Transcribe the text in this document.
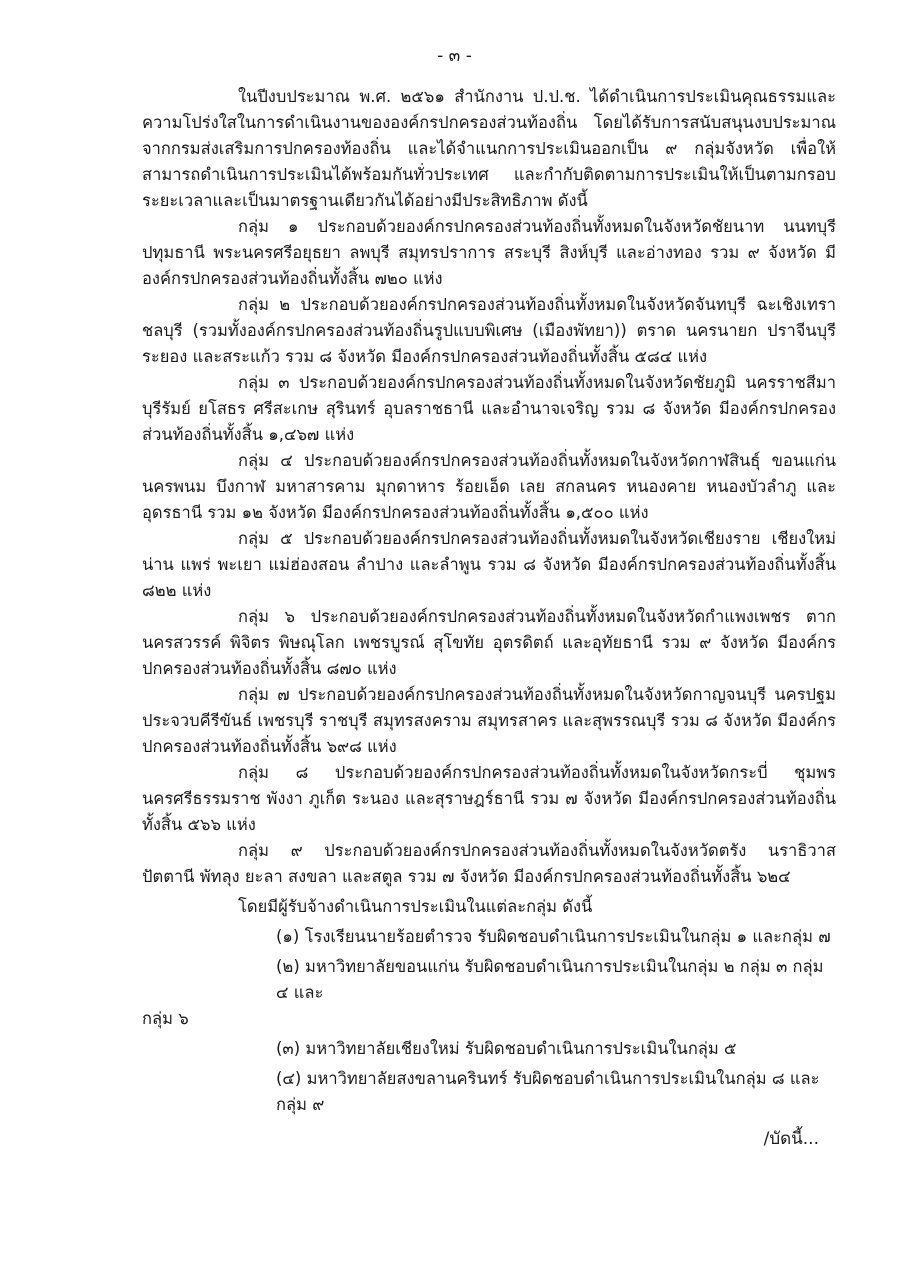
- ๓ -

ในปีงบประมาณ พ.ศ. ๒๕๖๑ สำนักงาน ป.ป.ช. ได้ดำเนินการประเมินคุณธรรมและความโปร่งใสในการดำเนินงานขององค์กรปกครองส่วนท้องถิ่น โดยได้รับการสนับสนุนงบประมาณจากกรมส่งเสริมการปกครองท้องถิ่น และได้จำแนกการประเมินออกเป็น ๙ กลุ่มจังหวัด เพื่อให้สามารถดำเนินการประเมินได้พร้อมกันทั่วประเทศ และกำกับติดตามการประเมินให้เป็นตามกรอบระยะเวลาและเป็นมาตรฐานเดียวกันได้อย่างมีประสิทธิภาพ ดังนี้

กลุ่ม ๑ ประกอบด้วยองค์กรปกครองส่วนท้องถิ่นทั้งหมดในจังหวัดชัยนาท นนทบุรี ปทุมธานี พระนครศรีอยุธยา ลพบุรี สมุทรปราการ สระบุรี สิงห์บุรี และอ่างทอง รวม ๙ จังหวัด มีองค์กรปกครองส่วนท้องถิ่นทั้งสิ้น ๗๒๐ แห่ง

กลุ่ม ๒ ประกอบด้วยองค์กรปกครองส่วนท้องถิ่นทั้งหมดในจังหวัดจันทบุรี ฉะเชิงเทรา ชลบุรี (รวมทั้งองค์กรปกครองส่วนท้องถิ่นรูปแบบพิเศษ (เมืองพัทยา)) ตราด นครนายก ปราจีนบุรี ระยอง และสระแก้ว รวม ๘ จังหวัด มีองค์กรปกครองส่วนท้องถิ่นทั้งสิ้น ๕๘๔ แห่ง

กลุ่ม ๓ ประกอบด้วยองค์กรปกครองส่วนท้องถิ่นทั้งหมดในจังหวัดชัยภูมิ นครราชสีมา บุรีรัมย์ ยโสธร ศรีสะเกษ สุรินทร์ อุบลราชธานี และอำนาจเจริญ รวม ๘ จังหวัด มีองค์กรปกครองส่วนท้องถิ่นทั้งสิ้น ๑,๔๖๗ แห่ง

กลุ่ม ๔ ประกอบด้วยองค์กรปกครองส่วนท้องถิ่นทั้งหมดในจังหวัดกาฬสินธุ์ ขอนแก่น นครพนม บึงกาฬ มหาสารคาม มุกดาหาร ร้อยเอ็ด เลย สกลนคร หนองคาย หนองบัวลำภู และอุดรธานี รวม ๑๒ จังหวัด มีองค์กรปกครองส่วนท้องถิ่นทั้งสิ้น ๑,๕๐๐ แห่ง

กลุ่ม ๕ ประกอบด้วยองค์กรปกครองส่วนท้องถิ่นทั้งหมดในจังหวัดเชียงราย เชียงใหม่ น่าน แพร่ พะเยา แม่ฮ่องสอน ลำปาง และลำพูน รวม ๘ จังหวัด มีองค์กรปกครองส่วนท้องถิ่นทั้งสิ้น ๘๒๒ แห่ง

กลุ่ม ๖ ประกอบด้วยองค์กรปกครองส่วนท้องถิ่นทั้งหมดในจังหวัดกำแพงเพชร ตาก นครสวรรค์ พิจิตร พิษณุโลก เพชรบูรณ์ สุโขทัย อุตรดิตถ์ และอุทัยธานี รวม ๙ จังหวัด มีองค์กรปกครองส่วนท้องถิ่นทั้งสิ้น ๘๗๐ แห่ง

กลุ่ม ๗ ประกอบด้วยองค์กรปกครองส่วนท้องถิ่นทั้งหมดในจังหวัดกาญจนบุรี นครปฐม ประจวบคีรีขันธ์ เพชรบุรี ราชบุรี สมุทรสงคราม สมุทรสาคร และสุพรรณบุรี รวม ๘ จังหวัด มีองค์กรปกครองส่วนท้องถิ่นทั้งสิ้น ๖๙๘ แห่ง

กลุ่ม ๘ ประกอบด้วยองค์กรปกครองส่วนท้องถิ่นทั้งหมดในจังหวัดกระบี่ ชุมพร นครศรีธรรมราช พังงา ภูเก็ต ระนอง และสุราษฎร์ธานี รวม ๗ จังหวัด มีองค์กรปกครองส่วนท้องถิ่นทั้งสิ้น ๕๖๖ แห่ง

กลุ่ม ๙ ประกอบด้วยองค์กรปกครองส่วนท้องถิ่นทั้งหมดในจังหวัดตรัง นราธิวาส ปัตตานี พัทลุง ยะลา สงขลา และสตูล รวม ๗ จังหวัด มีองค์กรปกครองส่วนท้องถิ่นทั้งสิ้น ๖๒๔

โดยมีผู้รับจ้างดำเนินการประเมินในแต่ละกลุ่ม ดังนี้
(๑) โรงเรียนนายร้อยตำรวจ รับผิดชอบดำเนินการประเมินในกลุ่ม ๑ และกลุ่ม ๗
(๒) มหาวิทยาลัยขอนแก่น รับผิดชอบดำเนินการประเมินในกลุ่ม ๒ กลุ่ม ๓ กลุ่ม ๔ และ
กลุ่ม ๖
(๓) มหาวิทยาลัยเชียงใหม่ รับผิดชอบดำเนินการประเมินในกลุ่ม ๕
(๔) มหาวิทยาลัยสงขลานครินทร์ รับผิดชอบดำเนินการประเมินในกลุ่ม ๘ และกลุ่ม ๙
/บัดนี้...
